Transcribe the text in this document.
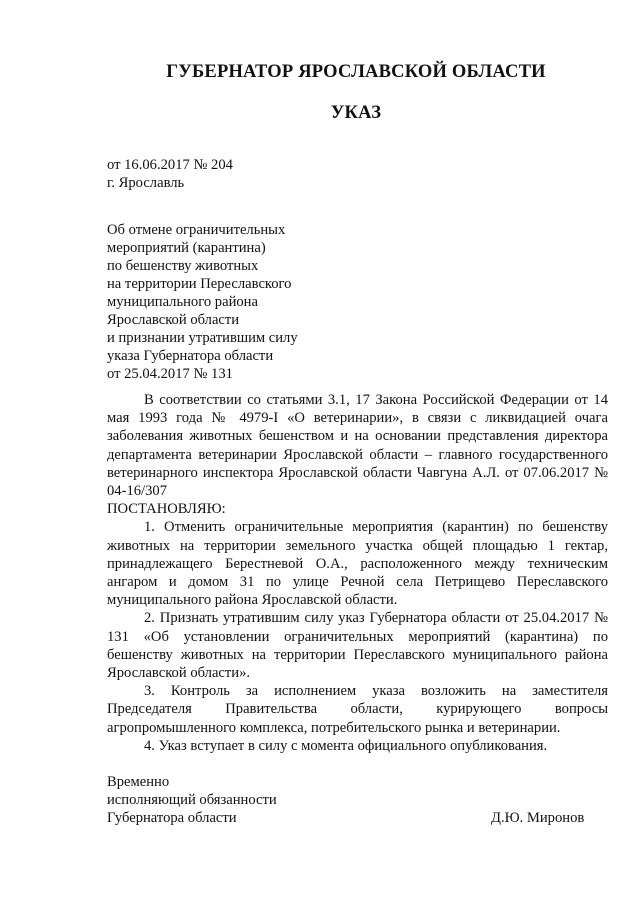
ГУБЕРНАТОР ЯРОСЛАВСКОЙ ОБЛАСТИ
УКАЗ
от 16.06.2017 № 204
г. Ярославль
Об отмене ограничительных
мероприятий (карантина)
по бешенству животных
на территории Переславского
муниципального района
Ярославской области
и признании утратившим силу
указа Губернатора области
от 25.04.2017 № 131

В соответствии со статьями 3.1, 17 Закона Российской Федерации от 14 мая 1993 года № 4979-I «О ветеринарии», в связи с ликвидацией очага заболевания животных бешенством и на основании представления директора департамента ветеринарии Ярославской области – главного государственного ветеринарного инспектора Ярославской области Чавгуна А.Л. от 07.06.2017 № 04-16/307

ПОСТАНОВЛЯЮ:

1. Отменить ограничительные мероприятия (карантин) по бешенству животных на территории земельного участка общей площадью 1 гектар, принадлежащего Берестневой О.А., расположенного между техническим ангаром и домом 31 по улице Речной села Петрищево Переславского муниципального района Ярославской области.

2. Признать утратившим силу указ Губернатора области от 25.04.2017 № 131 «Об установлении ограничительных мероприятий (карантина) по бешенству животных на территории Переславского муниципального района Ярославской области».

3. Контроль за исполнением указа возложить на заместителя Председателя Правительства области, курирующего вопросы агропромышленного комплекса, потребительского рынка и ветеринарии.

4. Указ вступает в силу с момента официального опубликования.

Временно
исполняющий обязанности
Губернатора области	Д.Ю. Миронов
